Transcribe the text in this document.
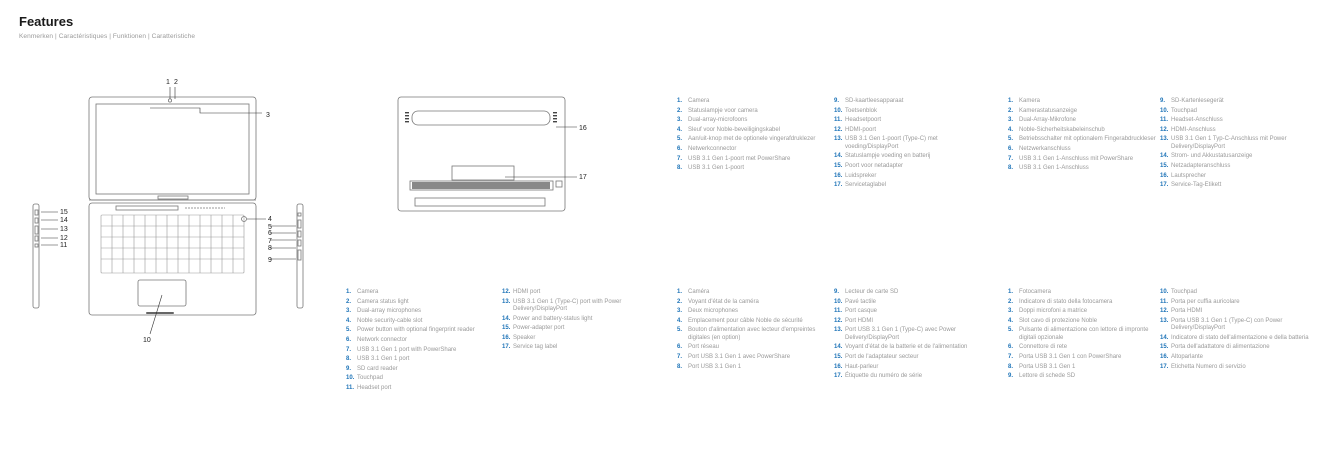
Features
Kenmerken | Caractéristiques | Funktionen | Caratteristiche
1 2
3
4
5
6
7
8
9
10
11
12
13
14
15
16
17
1. Camera
2. Statuslampje voor camera
3. Dual-array-microfoons
4. Sleuf voor Noble-beveiligingskabel
5. Aan/uit-knop met de optionele vingerafdruklezer
6. Netwerkconnector
7. USB 3.1 Gen 1-poort met PowerShare
8. USB 3.1 Gen 1-poort
9. SD-kaartleesapparaat
10. Toetsenblok
11. Headsetpoort
12. HDMI-poort
13. USB 3.1 Gen 1-poort (Type-C) met voeding/DisplayPort
14. Statuslampje voeding en batterij
15. Poort voor netadapter
16. Luidspreker
17. Servicetaglabel
1. Kamera
2. Kamerastatusanzeige
3. Dual-Array-Mikrofone
4. Noble-Sicherheitskabeleinschub
5. Betriebsschalter mit optionalem Fingerabdruckleser
6. Netzwerkanschluss
7. USB 3.1 Gen 1-Anschluss mit PowerShare
8. USB 3.1 Gen 1-Anschluss
9. SD-Kartenlesegerät
10. Touchpad
11. Headset-Anschluss
12. HDMI-Anschluss
13. USB 3.1 Gen 1 Typ-C-Anschluss mit Power Delivery/DisplayPort
14. Strom- und Akkustatusanzeige
15. Netzadapteranschluss
16. Lautsprecher
17. Service-Tag-Etikett
1. Camera
2. Camera status light
3. Dual-array microphones
4. Noble security-cable slot
5. Power button with optional fingerprint reader
6. Network connector
7. USB 3.1 Gen 1 port with PowerShare
8. USB 3.1 Gen 1 port
9. SD card reader
10. Touchpad
11. Headset port
12. HDMI port
13. USB 3.1 Gen 1 (Type-C) port with Power Delivery/DisplayPort
14. Power and battery-status light
15. Power-adapter port
16. Speaker
17. Service tag label
1. Caméra
2. Voyant d'état de la caméra
3. Deux microphones
4. Emplacement pour câble Noble de sécurité
5. Bouton d'alimentation avec lecteur d'empreintes digitales (en option)
6. Port réseau
7. Port USB 3.1 Gen 1 avec PowerShare
8. Port USB 3.1 Gen 1
9. Lecteur de carte SD
10. Pavé tactile
11. Port casque
12. Port HDMI
13. Port USB 3.1 Gen 1 (Type-C) avec Power Delivery/DisplayPort
14. Voyant d'état de la batterie et de l'alimentation
15. Port de l'adaptateur secteur
16. Haut-parleur
17. Étiquette du numéro de série
1. Fotocamera
2. Indicatore di stato della fotocamera
3. Doppi microfoni a matrice
4. Slot cavo di protezione Noble
5. Pulsante di alimentazione con lettore di impronte digitali opzionale
6. Connettore di rete
7. Porta USB 3.1 Gen 1 con PowerShare
8. Porta USB 3.1 Gen 1
9. Lettore di schede SD
10. Touchpad
11. Porta per cuffia auricolare
12. Porta HDMI
13. Porta USB 3.1 Gen 1 (Type-C) con Power Delivery/DisplayPort
14. Indicatore di stato dell'alimentazione e della batteria
15. Porta dell'adattatore di alimentazione
16. Altoparlante
17. Etichetta Numero di servizio
